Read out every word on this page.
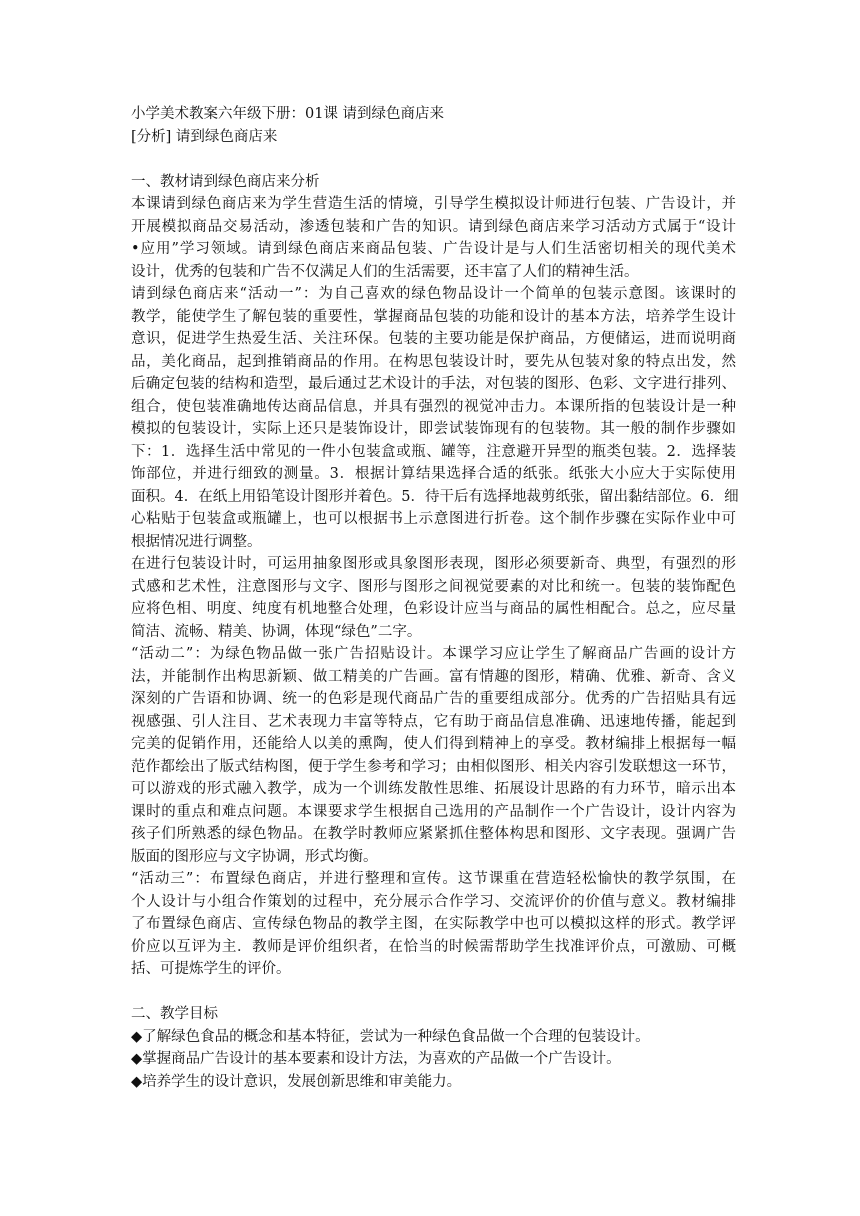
小学美术教案六年级下册：01课 请到绿色商店来
[分析] 请到绿色商店来
一、教材请到绿色商店来分析
本课请到绿色商店来为学生营造生活的情境，引导学生模拟设计师进行包装、广告设计，并
开展模拟商品交易活动，渗透包装和广告的知识。请到绿色商店来学习活动方式属于“设计
•应用”学习领域。请到绿色商店来商品包装、广告设计是与人们生活密切相关的现代美术
设计，优秀的包装和广告不仅满足人们的生活需要，还丰富了人们的精神生活。
请到绿色商店来“活动一”：为自己喜欢的绿色物品设计一个简单的包装示意图。该课时的
教学，能使学生了解包装的重要性，掌握商品包装的功能和设计的基本方法，培养学生设计
意识，促进学生热爱生活、关注环保。包装的主要功能是保护商品，方便储运，进而说明商
品，美化商品，起到推销商品的作用。在构思包装设计时，要先从包装对象的特点出发，然
后确定包装的结构和造型，最后通过艺术设计的手法，对包装的图形、色彩、文字进行排列、
组合，使包装准确地传达商品信息，并具有强烈的视觉冲击力。本课所指的包装设计是一种
模拟的包装设计，实际上还只是装饰设计，即尝试装饰现有的包装物。其一般的制作步骤如
下：1．选择生活中常见的一件小包装盒或瓶、罐等，注意避开异型的瓶类包装。2．选择装
饰部位，并进行细致的测量。3．根据计算结果选择合适的纸张。纸张大小应大于实际使用
面积。4．在纸上用铅笔设计图形并着色。5．待干后有选择地裁剪纸张，留出黏结部位。6．细
心粘贴于包装盒或瓶罐上，也可以根据书上示意图进行折卷。这个制作步骤在实际作业中可
根据情况进行调整。
在进行包装设计时，可运用抽象图形或具象图形表现，图形必须要新奇、典型，有强烈的形
式感和艺术性，注意图形与文字、图形与图形之间视觉要素的对比和统一。包装的装饰配色
应将色相、明度、纯度有机地整合处理，色彩设计应当与商品的属性相配合。总之，应尽量
简洁、流畅、精美、协调，体现“绿色”二字。
“活动二”：为绿色物品做一张广告招贴设计。本课学习应让学生了解商品广告画的设计方
法，并能制作出构思新颖、做工精美的广告画。富有情趣的图形，精确、优雅、新奇、含义
深刻的广告语和协调、统一的色彩是现代商品广告的重要组成部分。优秀的广告招贴具有远
视感强、引人注目、艺术表现力丰富等特点，它有助于商品信息准确、迅速地传播，能起到
完美的促销作用，还能给人以美的熏陶，使人们得到精神上的享受。教材编排上根据每一幅
范作都绘出了版式结构图，便于学生参考和学习；由相似图形、相关内容引发联想这一环节，
可以游戏的形式融入教学，成为一个训练发散性思维、拓展设计思路的有力环节，暗示出本
课时的重点和难点问题。本课要求学生根据自己选用的产品制作一个广告设计，设计内容为
孩子们所熟悉的绿色物品。在教学时教师应紧紧抓住整体构思和图形、文字表现。强调广告
版面的图形应与文字协调，形式均衡。
“活动三”：布置绿色商店，并进行整理和宣传。这节课重在营造轻松愉快的教学氛围，在
个人设计与小组合作策划的过程中，充分展示合作学习、交流评价的价值与意义。教材编排
了布置绿色商店、宣传绿色物品的教学主图，在实际教学中也可以模拟这样的形式。教学评
价应以互评为主．教师是评价组织者，在恰当的时候需帮助学生找准评价点，可激励、可概
括、可提炼学生的评价。
二、教学目标
◆了解绿色食品的概念和基本特征，尝试为一种绿色食品做一个合理的包装设计。
◆掌握商品广告设计的基本要素和设计方法，为喜欢的产品做一个广告设计。
◆培养学生的设计意识，发展创新思维和审美能力。
